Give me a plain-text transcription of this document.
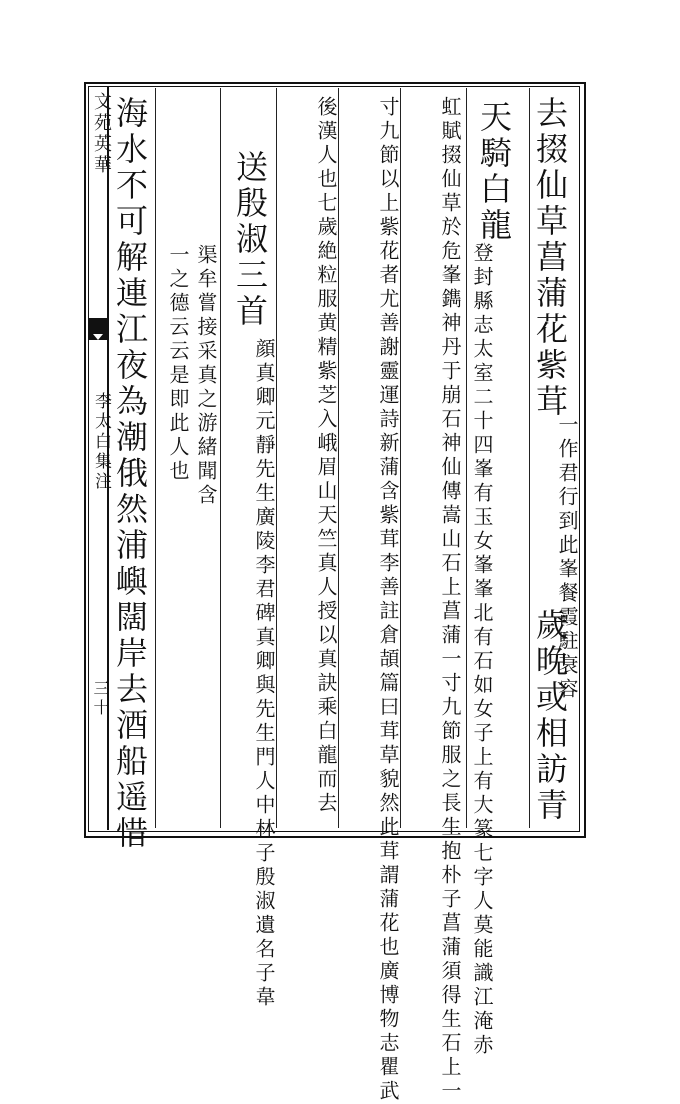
文苑英華
李太白集注
三十
去掇仙草菖蒲花紫茸
一作君行到此峯餐霞駐衰容
歲晚或相訪青
天騎白龍
登封縣志太室二十四峯有玉女峯峯北有石如女子上有大篆七字人莫能識江淹赤
虹賦掇仙草於危峯鐫神丹于崩石神仙傳嵩山石上菖蒲一寸九節服之長生抱朴子菖蒲須得生石上一
寸九節以上紫花者尤善謝靈運詩新蒲含紫茸李善註倉頡篇曰茸草貌然此茸謂蒲花也廣博物志瞿武
後漢人也七歲絶粒服黄精紫芝入峨眉山天竺真人授以真訣乘白龍而去
送殷淑三首
顔真卿元靜先生廣陵李君碑真卿與先生門人中林子殷淑遺名子韋
渠牟嘗接采真之游緒聞含
一之德云云是即此人也
海水不可解連江夜為潮俄然浦嶼闊岸去酒船遥惜
